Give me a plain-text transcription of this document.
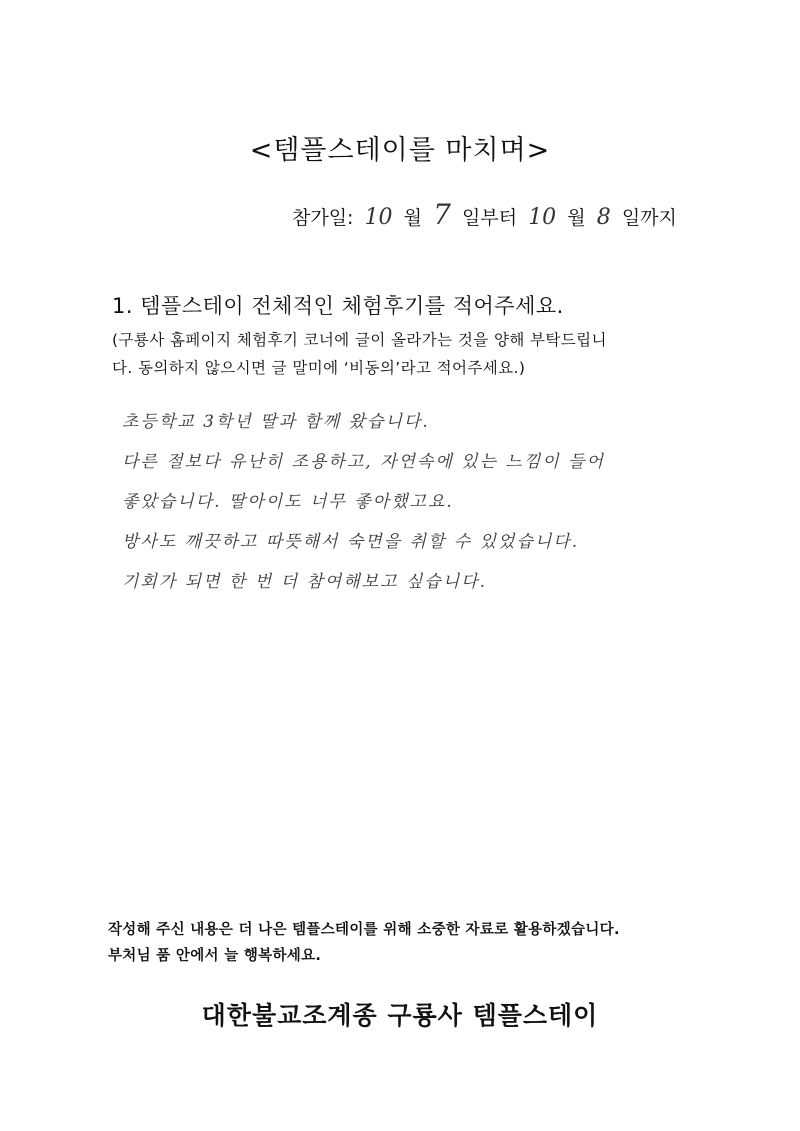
<템플스테이를 마치며>
참가일: 10 월 7 일부터 10 월 8 일까지
1. 템플스테이 전체적인 체험후기를 적어주세요.
(구룡사 홈페이지 체험후기 코너에 글이 올라가는 것을 양해 부탁드립니
다. 동의하지 않으시면 글 말미에 ‘비동의’라고 적어주세요.)
초등학교 3학년 딸과 함께 왔습니다.
다른 절보다 유난히 조용하고, 자연속에 있는 느낌이 들어
좋았습니다. 딸아이도 너무 좋아했고요.
방사도 깨끗하고 따뜻해서 숙면을 취할 수 있었습니다.
기회가 되면 한 번 더 참여해보고 싶습니다.
작성해 주신 내용은 더 나은 템플스테이를 위해 소중한 자료로 활용하겠습니다.
부처님 품 안에서 늘 행복하세요.
대한불교조계종 구룡사 템플스테이
